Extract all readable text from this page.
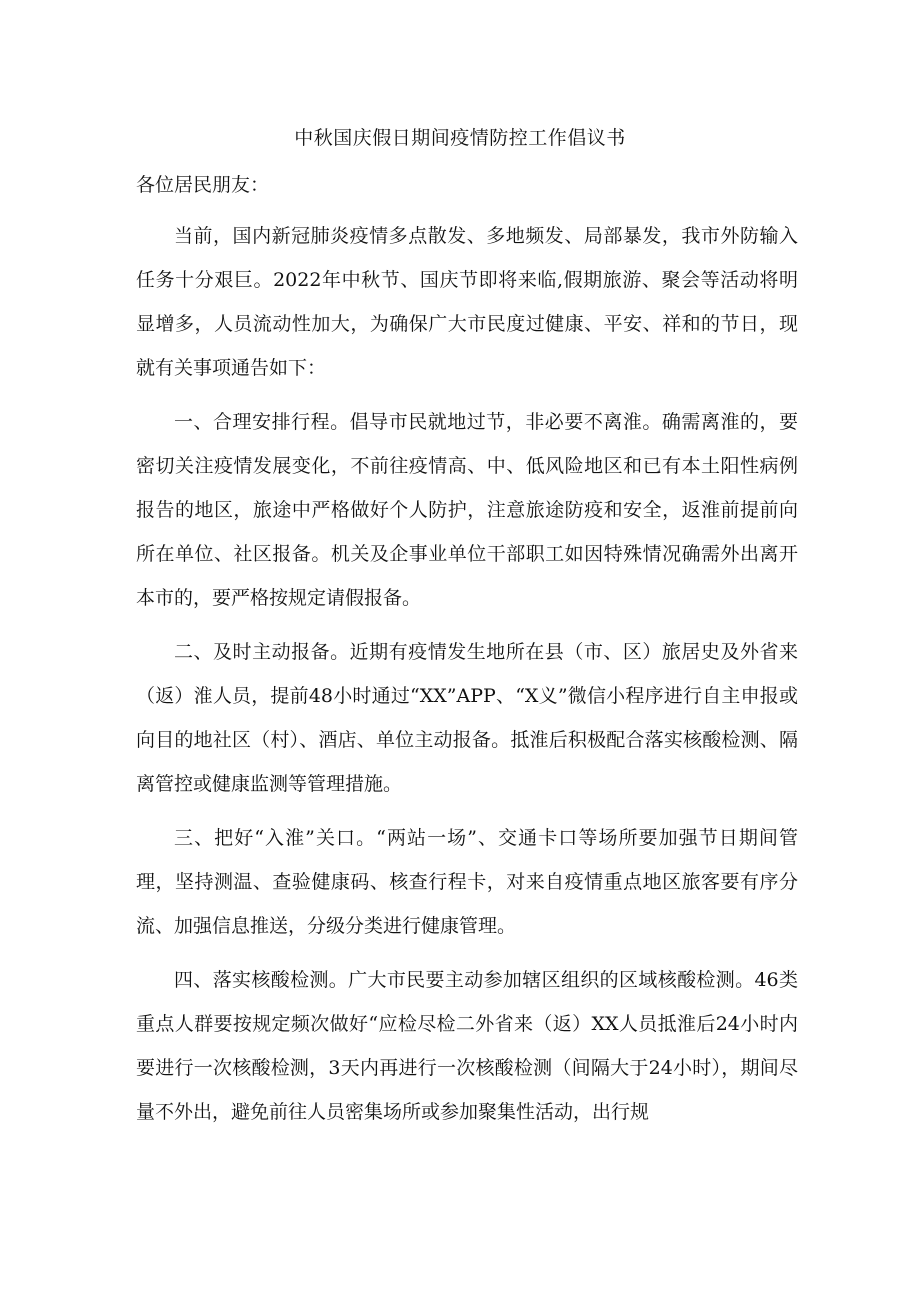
中秋国庆假日期间疫情防控工作倡议书

各位居民朋友：

当前，国内新冠肺炎疫情多点散发、多地频发、局部暴发，我市外防输入任务十分艰巨。2022年中秋节、国庆节即将来临,假期旅游、聚会等活动将明显增多，人员流动性加大，为确保广大市民度过健康、平安、祥和的节日，现就有关事项通告如下：

一、合理安排行程。倡导市民就地过节，非必要不离淮。确需离淮的，要密切关注疫情发展变化，不前往疫情高、中、低风险地区和已有本土阳性病例报告的地区，旅途中严格做好个人防护，注意旅途防疫和安全，返淮前提前向所在单位、社区报备。机关及企事业单位干部职工如因特殊情况确需外出离开本市的，要严格按规定请假报备。

二、及时主动报备。近期有疫情发生地所在县（市、区）旅居史及外省来（返）淮人员，提前48小时通过“XX”APP、“X义”微信小程序进行自主申报或向目的地社区（村）、酒店、单位主动报备。抵淮后积极配合落实核酸检测、隔离管控或健康监测等管理措施。

三、把好“入淮”关口。“两站一场”、交通卡口等场所要加强节日期间管理，坚持测温、查验健康码、核查行程卡，对来自疫情重点地区旅客要有序分流、加强信息推送，分级分类进行健康管理。

四、落实核酸检测。广大市民要主动参加辖区组织的区域核酸检测。46类重点人群要按规定频次做好“应检尽检二外省来（返）XX人员抵淮后24小时内要进行一次核酸检测，3天内再进行一次核酸检测（间隔大于24小时），期间尽量不外出，避免前往人员密集场所或参加聚集性活动，出行规
